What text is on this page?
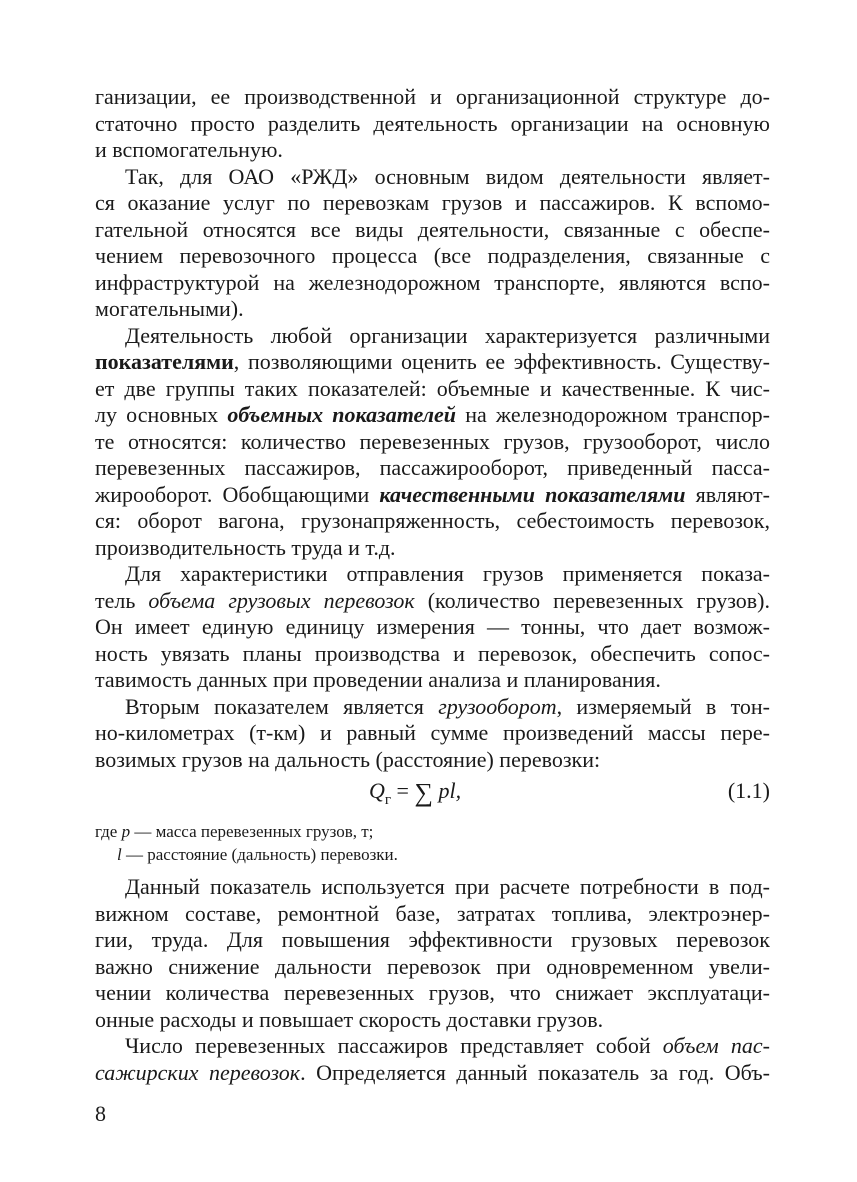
ганизации, ее производственной и организационной структуре до-
статочно просто разделить деятельность организации на основную
и вспомогательную.
Так, для ОАО «РЖД» основным видом деятельности являет-
ся оказание услуг по перевозкам грузов и пассажиров. К вспомо-
гательной относятся все виды деятельности, связанные с обеспе-
чением перевозочного процесса (все подразделения, связанные с
инфраструктурой на железнодорожном транспорте, являются вспо-
могательными).
Деятельность любой организации характеризуется различными
показателями, позволяющими оценить ее эффективность. Существу-
ет две группы таких показателей: объемные и качественные. К чис-
лу основных объемных показателей на железнодорожном транспор-
те относятся: количество перевезенных грузов, грузооборот, число
перевезенных пассажиров, пассажирооборот, приведенный пасса-
жирооборот. Обобщающими качественными показателями являют-
ся: оборот вагона, грузонапряженность, себестоимость перевозок,
производительность труда и т.д.
Для характеристики отправления грузов применяется показа-
тель объема грузовых перевозок (количество перевезенных грузов).
Он имеет единую единицу измерения — тонны, что дает возмож-
ность увязать планы производства и перевозок, обеспечить сопос-
тавимость данных при проведении анализа и планирования.
Вторым показателем является грузооборот, измеряемый в тон-
но-километрах (т-км) и равный сумме произведений массы пере-
возимых грузов на дальность (расстояние) перевозки:
$Q_г$ = ∑ pl,	(1.1)
где p — масса перевезенных грузов, т;
l — расстояние (дальность) перевозки.
Данный показатель используется при расчете потребности в под-
вижном составе, ремонтной базе, затратах топлива, электроэнер-
гии, труда. Для повышения эффективности грузовых перевозок
важно снижение дальности перевозок при одновременном увели-
чении количества перевезенных грузов, что снижает эксплуатаци-
онные расходы и повышает скорость доставки грузов.
Число перевезенных пассажиров представляет собой объем пас-
сажирских перевозок. Определяется данный показатель за год. Объ-
8
